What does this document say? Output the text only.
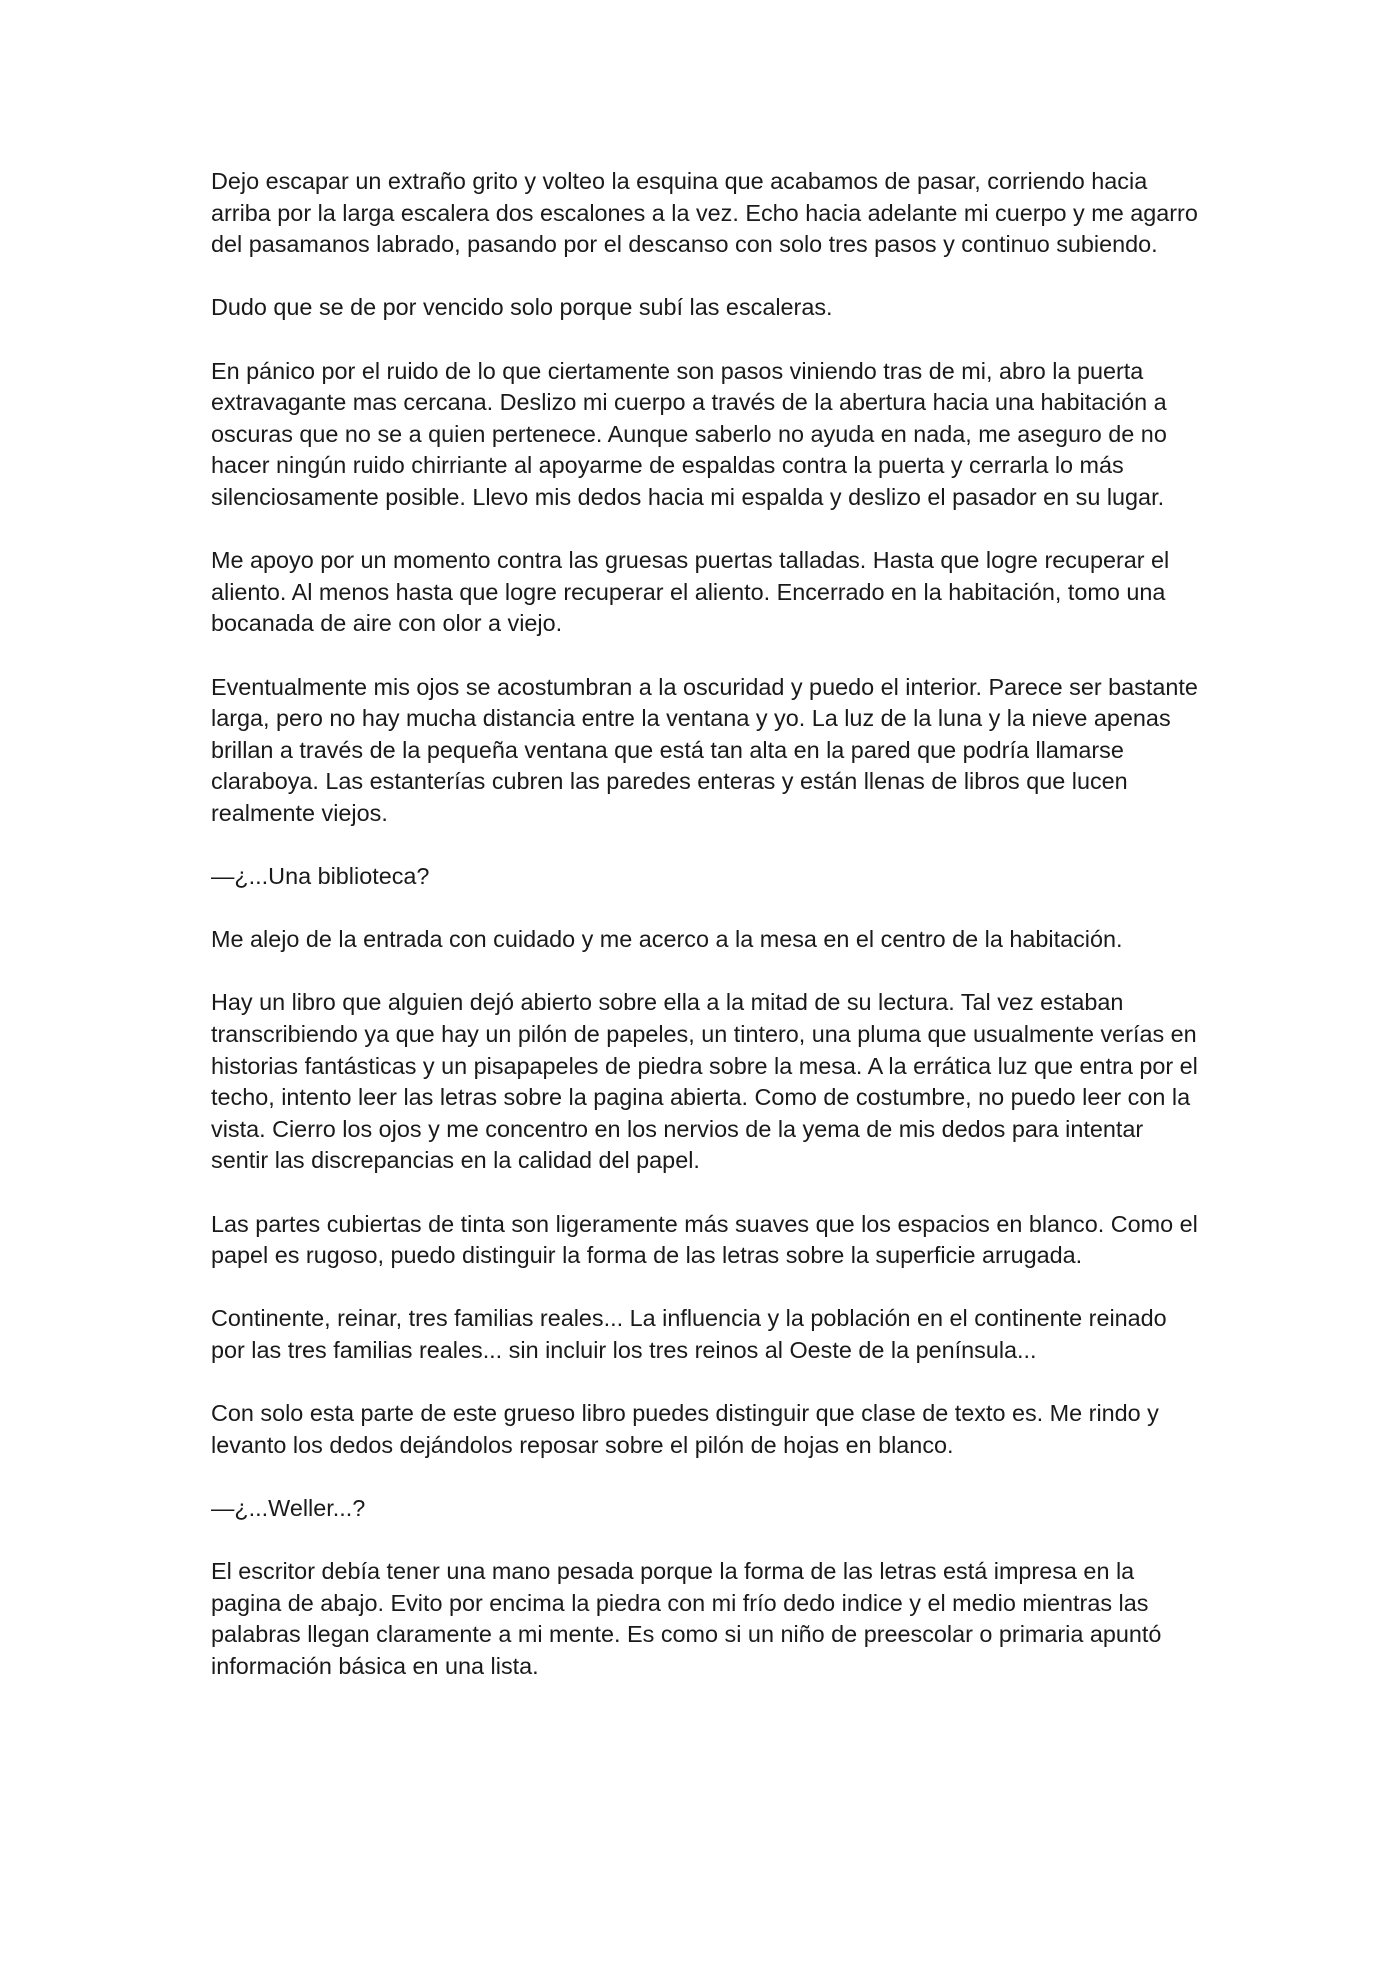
Dejo escapar un extraño grito y volteo la esquina que acabamos de pasar, corriendo hacia arriba por la larga escalera dos escalones a la vez. Echo hacia adelante mi cuerpo y me agarro del pasamanos labrado, pasando por el descanso con solo tres pasos y continuo subiendo.

Dudo que se de por vencido solo porque subí las escaleras.

En pánico por el ruido de lo que ciertamente son pasos viniendo tras de mi, abro la puerta extravagante mas cercana. Deslizo mi cuerpo a través de la abertura hacia una habitación a oscuras que no se a quien pertenece. Aunque saberlo no ayuda en nada, me aseguro de no hacer ningún ruido chirriante al apoyarme de espaldas contra la puerta y cerrarla lo más silenciosamente posible. Llevo mis dedos hacia mi espalda y deslizo el pasador en su lugar.

Me apoyo por un momento contra las gruesas puertas talladas. Hasta que logre recuperar el aliento. Al menos hasta que logre recuperar el aliento. Encerrado en la habitación, tomo una bocanada de aire con olor a viejo.

Eventualmente mis ojos se acostumbran a la oscuridad y puedo el interior. Parece ser bastante larga, pero no hay mucha distancia entre la ventana y yo. La luz de la luna y la nieve apenas brillan a través de la pequeña ventana que está tan alta en la pared que podría llamarse claraboya. Las estanterías cubren las paredes enteras y están llenas de libros que lucen realmente viejos.

—¿...Una biblioteca?

Me alejo de la entrada con cuidado y me acerco a la mesa en el centro de la habitación.

Hay un libro que alguien dejó abierto sobre ella a la mitad de su lectura. Tal vez estaban transcribiendo ya que hay un pilón de papeles, un tintero, una pluma que usualmente verías en historias fantásticas y un pisapapeles de piedra sobre la mesa. A la errática luz que entra por el techo, intento leer las letras sobre la pagina abierta. Como de costumbre, no puedo leer con la vista. Cierro los ojos y me concentro en los nervios de la yema de mis dedos para intentar sentir las discrepancias en la calidad del papel.

Las partes cubiertas de tinta son ligeramente más suaves que los espacios en blanco. Como el papel es rugoso, puedo distinguir la forma de las letras sobre la superficie arrugada.

Continente, reinar, tres familias reales... La influencia y la población en el continente reinado por las tres familias reales... sin incluir los tres reinos al Oeste de la península...

Con solo esta parte de este grueso libro puedes distinguir que clase de texto es. Me rindo y levanto los dedos dejándolos reposar sobre el pilón de hojas en blanco.

—¿...Weller...?

El escritor debía tener una mano pesada porque la forma de las letras está impresa en la pagina de abajo. Evito por encima la piedra con mi frío dedo indice y el medio mientras las palabras llegan claramente a mi mente. Es como si un niño de preescolar o primaria apuntó información básica en una lista.
